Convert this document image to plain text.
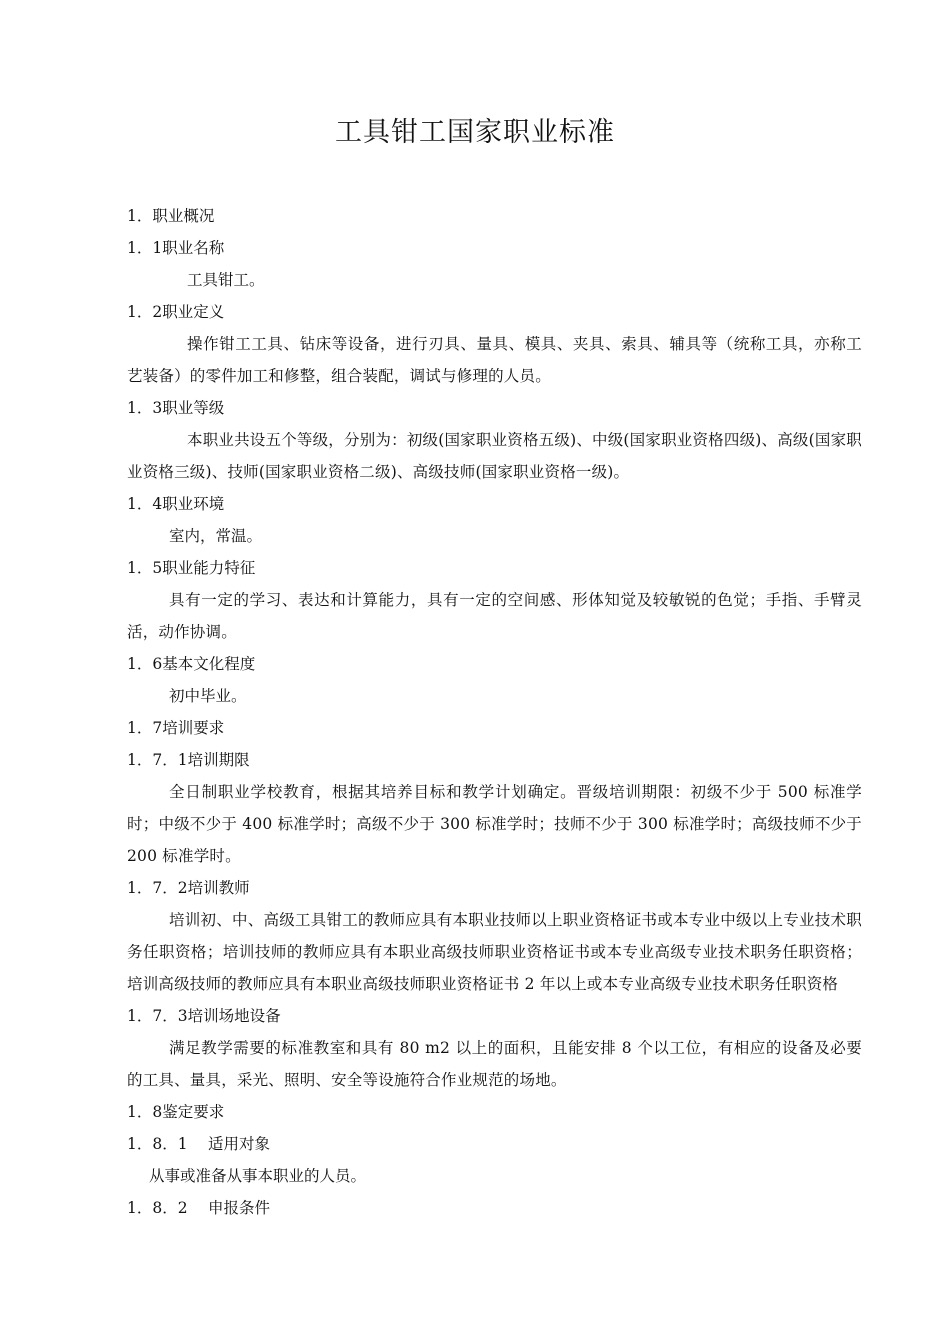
工具钳工国家职业标准
1．职业概况
1．1职业名称
工具钳工。
1．2职业定义
操作钳工工具、钻床等设备，进行刃具、量具、模具、夹具、索具、辅具等（统称工具，亦称工艺装备）的零件加工和修整，组合装配，调试与修理的人员。
1．3职业等级
本职业共设五个等级，分别为：初级(国家职业资格五级)、中级(国家职业资格四级)、高级(国家职业资格三级)、技师(国家职业资格二级)、高级技师(国家职业资格一级)。
1．4职业环境
室内，常温。
1．5职业能力特征
具有一定的学习、表达和计算能力，具有一定的空间感、形体知觉及较敏锐的色觉；手指、手臂灵活，动作协调。
1．6基本文化程度
初中毕业。
1．7培训要求
1．7．1培训期限
全日制职业学校教育，根据其培养目标和教学计划确定。晋级培训期限：初级不少于 500 标准学时；中级不少于 400 标准学时；高级不少于 300 标准学时；技师不少于 300 标准学时；高级技师不少于 200 标准学时。
1．7．2培训教师
培训初、中、高级工具钳工的教师应具有本职业技师以上职业资格证书或本专业中级以上专业技术职务任职资格；培训技师的教师应具有本职业高级技师职业资格证书或本专业高级专业技术职务任职资格；培训高级技师的教师应具有本职业高级技师职业资格证书 2 年以上或本专业高级专业技术职务任职资格
1．7．3培训场地设备
满足教学需要的标准教室和具有 80 m2 以上的面积，且能安排 8 个以工位，有相应的设备及必要的工具、量具，采光、照明、安全等设施符合作业规范的场地。
1．8鉴定要求
1．8．1　 适用对象
从事或准备从事本职业的人员。
1．8．2　 申报条件
